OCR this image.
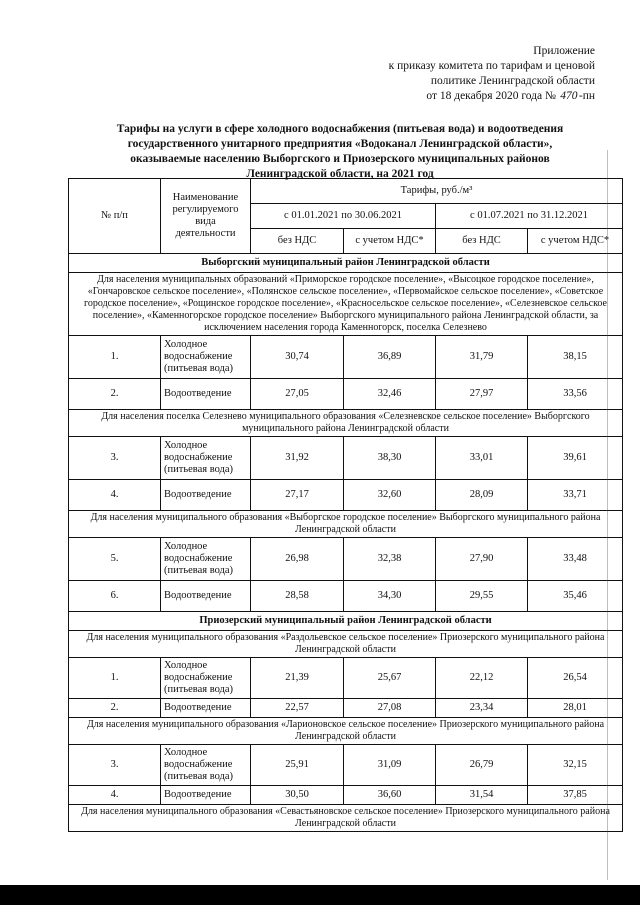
Приложение
к приказу комитета по тарифам и ценовой
политике Ленинградской области
от 18 декабря 2020 года № 470-пн
Тарифы на услуги в сфере холодного водоснабжения (питьевая вода) и водоотведения
государственного унитарного предприятия «Водоканал Ленинградской области»,
оказываемые населению Выборгского и Приозерского муниципальных районов
Ленинградской области, на 2021 год
№ п/п	Наименование регулируемого вида деятельности	Тарифы, руб./м³			
		с 01.01.2021 по 30.06.2021		с 01.07.2021 по 31.12.2021	
		без НДС	с учетом НДС*	без НДС	с учетом НДС*
Выборгский муниципальный район Ленинградской области					
Для населения муниципальных образований «Приморское городское поселение», «Высоцкое городское поселение», «Гончаровское сельское поселение», «Полянское сельское поселение», «Первомайское сельское поселение», «Советское городское поселение», «Рощинское городское поселение», «Красносельское сельское поселение», «Селезневское сельское поселение», «Каменногорское городское поселение» Выборгского муниципального района Ленинградской области, за исключением населения города Каменногорск, поселка Селезнево					
1.	Холодное водоснабжение (питьевая вода)	30,74	36,89	31,79	38,15
2.	Водоотведение	27,05	32,46	27,97	33,56
Для населения поселка Селезнево муниципального образования «Селезневское сельское поселение» Выборгского муниципального района Ленинградской области					
3.	Холодное водоснабжение (питьевая вода)	31,92	38,30	33,01	39,61
4.	Водоотведение	27,17	32,60	28,09	33,71
Для населения муниципального образования «Выборгское городское поселение» Выборгского муниципального района Ленинградской области					
5.	Холодное водоснабжение (питьевая вода)	26,98	32,38	27,90	33,48
6.	Водоотведение	28,58	34,30	29,55	35,46
Приозерский муниципальный район Ленинградской области					
Для населения муниципального образования «Раздольевское сельское поселение» Приозерского муниципального района Ленинградской области					
1.	Холодное водоснабжение (питьевая вода)	21,39	25,67	22,12	26,54
2.	Водоотведение	22,57	27,08	23,34	28,01
Для населения муниципального образования «Ларионовское сельское поселение» Приозерского муниципального района Ленинградской области					
3.	Холодное водоснабжение (питьевая вода)	25,91	31,09	26,79	32,15
4.	Водоотведение	30,50	36,60	31,54	37,85
Для населения муниципального образования «Севастьяновское сельское поселение» Приозерского муниципального района Ленинградской области					
